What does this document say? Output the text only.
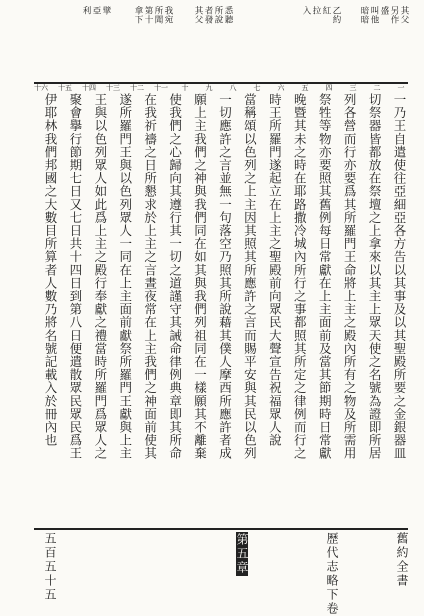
其父
另作
盛
叫他
暗暗
乙約
紅
拉
入
悉聽
所說
者發
其父
我宛
所聞
第十
拿下
擘
亞
利
一
二
三
四
五
六
七
八
九
十
十一
十二
十三
十四
十五
十六
一乃王自遣使往亞細亞各方告以其事及以其聖殿所要之金銀器皿
切祭器皆都放在祭壇之上拿來以其主上眾天使之名號為證即所居
列各營而行亦要爲其所羅門王命將上主之殿內所有之物及所需用
祭牲等物亦要照其舊例每日常獻在上主面前及當其節期時日常獻
晚暨其未之時在耶路撒冷城內所行之事都照其所定之律例而行之
時王所羅門遂起立在上主之聖殿前向眾民大聲宣告祝福眾人說
當稱頌以色列之上主因其照其所應許之言而賜平安與其民以色列
一切應許之言並無一句落空乃照其所說藉其僕人摩西所應許者成
願上主我們之神與我們同在如其與我們列祖同在一樣願其不離棄
使我們之心歸向其遵行其一切之道謹守其誡命律例典章即其所命
在我祈禱之日所懇求於上主之言晝夜常在上主我們之神面前使其
遂所羅門王與以色列眾人一同在上主面前獻祭所羅門王獻與上主
王與以色列眾人如此爲上主之殿行奉獻之禮當時所羅門爲眾人之
聚會擧行節期七日又七日共十四日到第八日便遣散眾民眾民爲王
伊耶林我們邦國之大數目所算者人數乃將名號記載入於冊內也
舊約全書
歷代志略下卷
第五章
五百五十五
